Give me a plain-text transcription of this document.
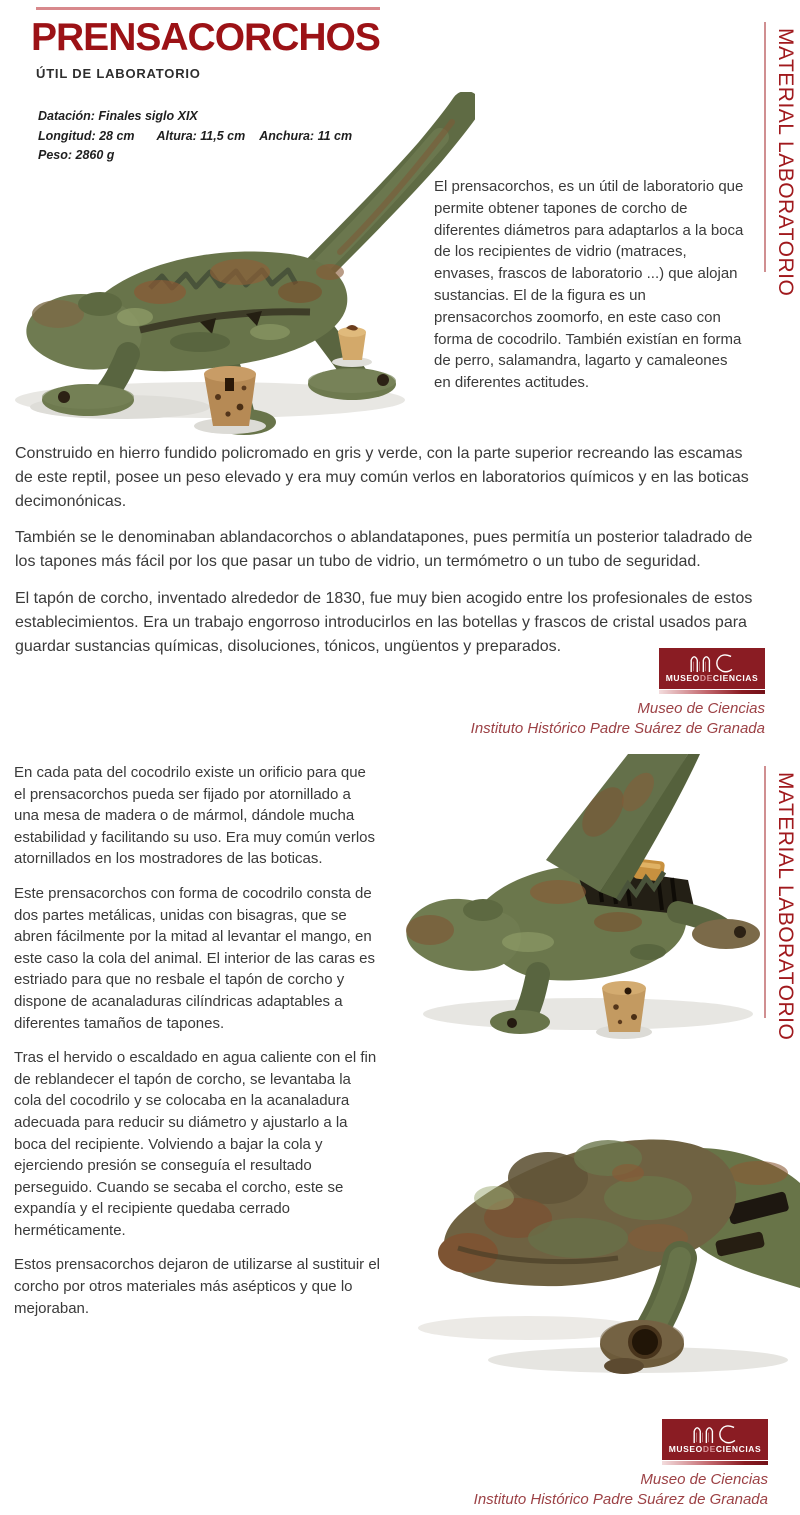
PRENSACORCHOS
ÚTIL DE LABORATORIO
Datación: Finales siglo XIX
Longitud: 28 cm Altura: 11,5 cm Anchura: 11 cm
Peso: 2860 g

El prensacorchos, es un útil de laboratorio que permite obtener tapones de corcho de diferentes diámetros para adaptarlos a la boca de los recipientes de vidrio (matraces, envases, frascos de laboratorio ...) que alojan sustancias. El de la figura es un prensacorchos zoomorfo, en este caso con forma de cocodrilo. También existían en forma de perro, salamandra, lagarto y camaleones en diferentes actitudes.

MATERIAL LABORATORIO

Construido en hierro fundido policromado en gris y verde, con la parte superior recreando las escamas de este reptil, posee un peso elevado y era muy común verlos en laboratorios químicos y en las boticas decimonónicas.

También se le denominaban ablandacorchos o ablandatapones, pues permitía un posterior taladrado de los tapones más fácil por los que pasar un tubo de vidrio, un termómetro o un tubo de seguridad.

El tapón de corcho, inventado alrededor de 1830, fue muy bien acogido entre los profesionales de estos establecimientos. Era un trabajo engorroso introducirlos en las botellas y frascos de cristal usados para guardar sustancias químicas, disoluciones, tónicos, ungüentos y preparados.

MUSEODECIENCIAS
Museo de Ciencias
Instituto Histórico Padre Suárez de Granada

En cada pata del cocodrilo existe un orificio para que el prensacorchos pueda ser fijado por atornillado a una mesa de madera o de mármol, dándole mucha estabilidad y facilitando su uso. Era muy común verlos atornillados en los mostradores de las boticas.

Este prensacorchos con forma de cocodrilo consta de dos partes metálicas, unidas con bisagras, que se abren fácilmente por la mitad al levantar el mango, en este caso la cola del animal. El interior de las caras es estriado para que no resbale el tapón de corcho y dispone de acanaladuras cilíndricas adaptables a diferentes tamaños de tapones.

Tras el hervido o escaldado en agua caliente con el fin de reblandecer el tapón de corcho, se levantaba la cola del cocodrilo y se colocaba en la acanaladura adecuada para reducir su diámetro y ajustarlo a la boca del recipiente. Volviendo a bajar la cola y ejerciendo presión se conseguía el resultado perseguido. Cuando se secaba el corcho, este se expandía y el recipiente quedaba cerrado herméticamente.

Estos prensacorchos dejaron de utilizarse al sustituir el corcho por otros materiales más asépticos y que lo mejoraban.

MATERIAL LABORATORIO
MUSEODECIENCIAS
Museo de Ciencias
Instituto Histórico Padre Suárez de Granada
